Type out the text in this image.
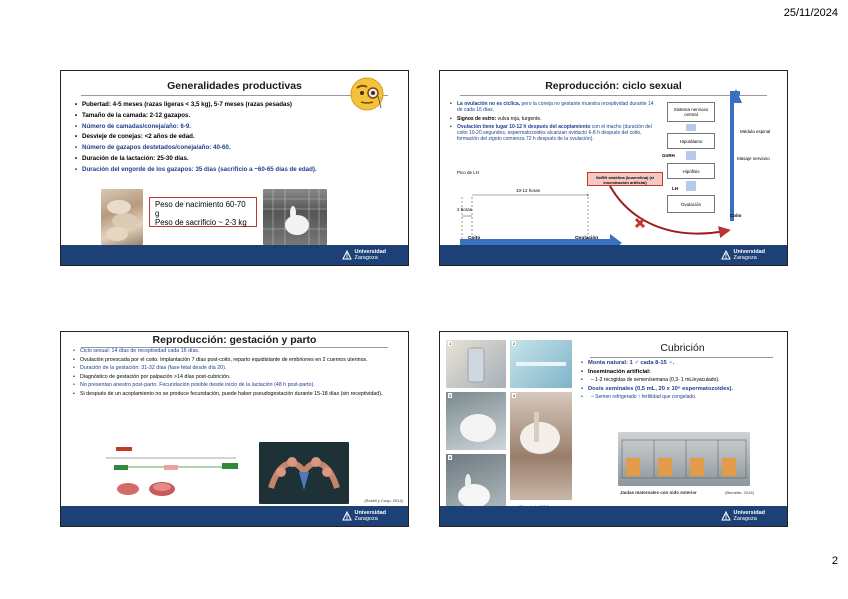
25/11/2024
2
Generalidades productivas
• Pubertad: 4-5 meses (razas ligeras < 3,5 kg), 5-7 meses (razas pesadas)
• Tamaño de la camada: 2-12 gazapos.
• Número de camadas/coneja/año: 6-9.
• Desvieje de conejas: <2 años de edad.
• Número de gazapos destetados/coneja/año: 40-60.
• Duración de la lactación: 25-30 días.
• Duración del engorde de los gazapos: 35 días (sacrificio a ~60-65 días de edad).
Peso de nacimiento 60-70 g
Peso de sacrificio ~ 2-3 kg
Universidad
Zaragoza
Reproducción: ciclo sexual
• La ovulación no es cíclica, pero la coneja no gestante muestra receptividad durante 14 de cada 16 días.
• Signos de estro: vulva roja, turgente.
• Ovulación tiene lugar 10-12 h después del acoplamiento con el macho (duración del coito 10-20 segundos, espermatozoides alcanzan oviducto 6-8 h después del coito, formación del zigoto comienza 72 h después de la ovulación).
Pico de LH
2 horas
10-12 horas
Coito	Ovulación
GnRH sintética (buserelina) (si inseminación artificial)
Sistema nervioso central
Hipotálamo
GnRH
Hipófisis
LH
Ovulación
Médula espinal
Masaje nervioso
Coito
Universidad
Zaragoza
Reproducción: gestación y parto
• Ciclo sexual: 14 días de receptividad cada 16 días.
• Ovulación provocada por el coito. Implantación 7 días post-coito, reparto equidistante de embriones en 2 cuernos uterinos.
• Duración de la gestación: 31-32 días (fase fetal desde día 20).
• Diagnóstico de gestación por palpación >14 días post-cubrición.
• No presentan anestro post-parto. Fecundación posible desde inicio de la lactación (48 h post-parto).
• Si después de un acoplamiento no se produce fecundación, puede haber pseudogestación durante 15-18 días (sin receptividad).
(Rosell y Coop, 2014)
Universidad
Zaragoza
1	2
3	4
5
Cubrición
• Monta natural: 1 ♂ cada 8-15 ♀.
• Inseminación artificial:
• – 1-2 recogidas de semen/semana (0,3- 1 mL/eyaculado).
• Dosis seminales (0,5 mL, 20 x 10⁶ espermatozoides).
• – Semen refrigerado ↑ fertilidad que congelado.
Jaulas maternales con nido exterior	(Burnette, 2016)
Universidad
Zaragoza
